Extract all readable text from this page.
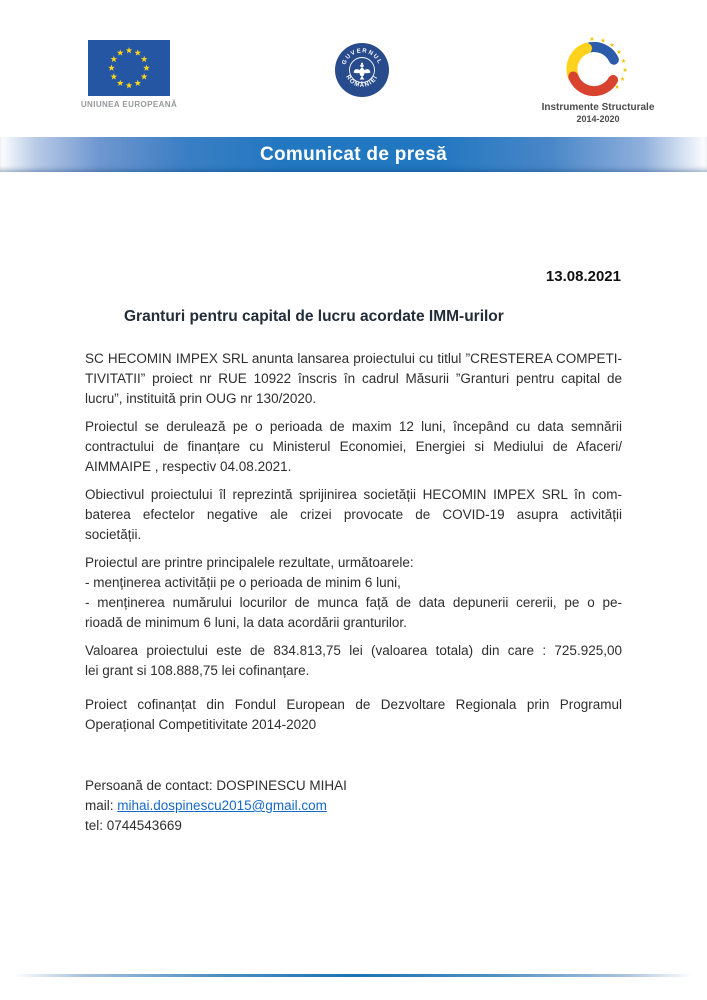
UNIUNEA EUROPEANĂ
GUVERNUL
ROMÂNIEI
Instrumente Structurale
2014-2020
Comunicat de presă
13.08.2021
Granturi pentru capital de lucru acordate IMM-urilor
SC HECOMIN IMPEX SRL anunta lansarea proiectului cu titlul ”CRESTEREA COMPETI-
TIVITATII” proiect nr RUE 10922 înscris în cadrul Măsurii ”Granturi pentru capital de
lucru”, instituită prin OUG nr 130/2020.
Proiectul se derulează pe o perioada de maxim 12 luni, începând cu data semnării
contractului de finanțare cu Ministerul Economiei, Energiei si Mediului de Afaceri/
AIMMAIPE , respectiv 04.08.2021.
Obiectivul proiectului îl reprezintă sprijinirea societății HECOMIN IMPEX SRL în com-
baterea efectelor negative ale crizei provocate de COVID-19 asupra activității
societății.
Proiectul are printre principalele rezultate, următoarele:
- menținerea activității pe o perioada de minim 6 luni,
- menținerea numărului locurilor de munca față de data depunerii cererii, pe o pe-
rioadă de minimum 6 luni, la data acordării granturilor.
Valoarea proiectului este de 834.813,75 lei (valoarea totala) din care : 725.925,00
lei grant si 108.888,75 lei cofinanțare.
Proiect cofinanțat din Fondul European de Dezvoltare Regionala prin Programul
Operațional Competitivitate 2014-2020
Persoană de contact: DOSPINESCU MIHAI
mail: mihai.dospinescu2015@gmail.com
tel: 0744543669
